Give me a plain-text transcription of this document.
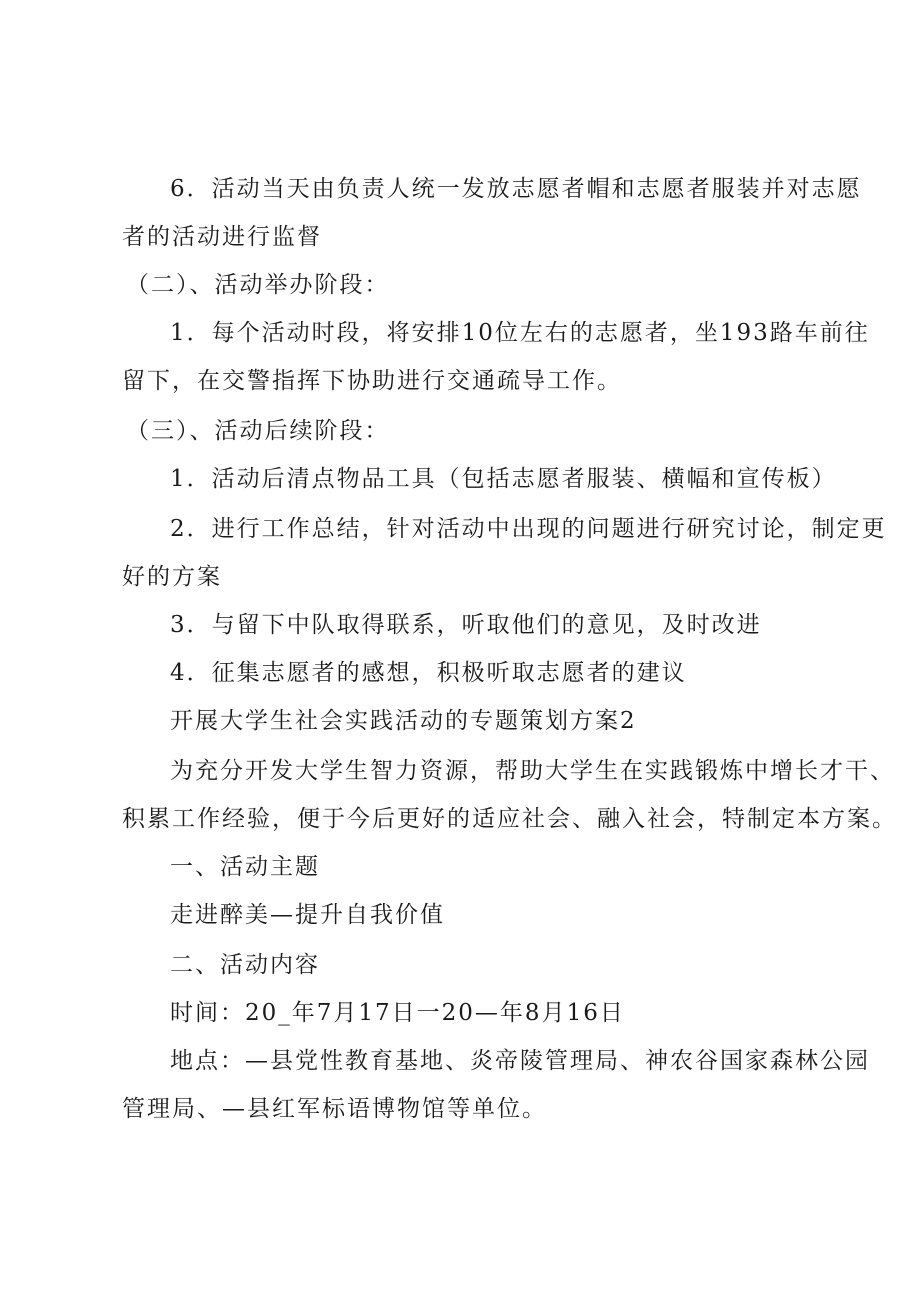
6．活动当天由负责人统一发放志愿者帽和志愿者服装并对志愿
者的活动进行监督
（二）、活动举办阶段：
1．每个活动时段，将安排10位左右的志愿者，坐193路车前往
留下，在交警指挥下协助进行交通疏导工作。
（三）、活动后续阶段：
1．活动后清点物品工具（包括志愿者服装、横幅和宣传板）
2．进行工作总结，针对活动中出现的问题进行研究讨论，制定更
好的方案
3．与留下中队取得联系，听取他们的意见，及时改进
4．征集志愿者的感想，积极听取志愿者的建议
开展大学生社会实践活动的专题策划方案2
为充分开发大学生智力资源，帮助大学生在实践锻炼中增长才干、
积累工作经验，便于今后更好的适应社会、融入社会，特制定本方案。
一、活动主题
走进醉美—提升自我价值
二、活动内容
时间：20_年7月17日一20—年8月16日
地点：—县党性教育基地、炎帝陵管理局、神农谷国家森林公园
管理局、—县红军标语博物馆等单位。
